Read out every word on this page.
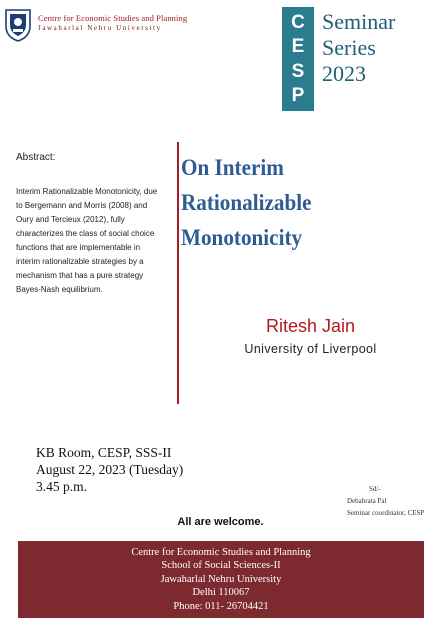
Centre for Economic Studies and Planning
Jawaharlal Nehru University	C
E
S
P
Seminar
Series
2023
Abstract:
Interim Rationalizable Monotonicity, due to Bergemann and Morris (2008) and Oury and Tercieux (2012), fully characterizes the class of social choice functions that are implementable in interim rationalizable strategies by a mechanism that has a pure strategy Bayes-Nash equilibrium.
On Interim Rationalizable Monotonicity
Ritesh Jain
University of Liverpool
KB Room, CESP, SSS-II
August 22, 2023 (Tuesday)
3.45 p.m.	Sd/-
Debabrata Pal
Seminar coordinator, CESP
All are welcome.
Centre for Economic Studies and Planning
School of Social Sciences-II
Jawaharlal Nehru University
Delhi 110067
Phone: 011- 26704421
